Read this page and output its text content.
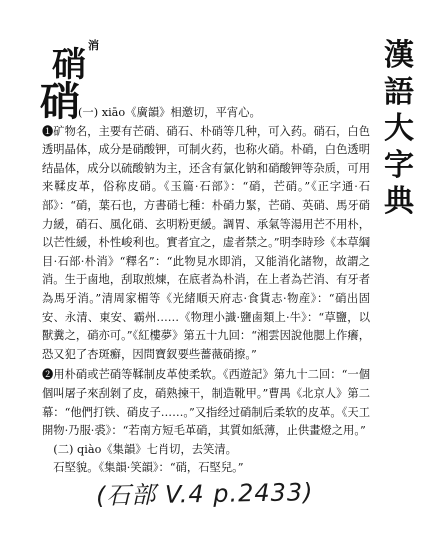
硝 $^消$
硝
漢
語
大
字
典

(一) xiāo《廣韻》相邀切，平宵心。

❶矿物名，主要有芒硝、硝石、朴硝等几种，可入药。硝石，白色透明晶体，成分是硝酸钾，可制火药，也称火硝。朴硝，白色透明结晶体，成分以硫酸钠为主，还含有氯化钠和硝酸钾等杂质，可用来鞣皮革，俗称皮硝。《玉篇·石部》：“硝，芒硝。”《正字通·石部》：“硝，葉石也，方書硝七種：朴硝力緊，芒硝、英硝、馬牙硝力緩，硝石、風化硝、玄明粉更緩。調胃、承氣等湯用芒不用朴，以芒性緩，朴性峻利也。實者宜之，虚者禁之。”明李時珍《本草綱目·石部·朴消》“釋名”：“此物見水即消，又能消化諸物，故謂之消。生于鹵地，刮取煎煉，在底者為朴消，在上者為芒消、有牙者為馬牙消。”清周家楣等《光緒順天府志·食貨志·物産》：“硝出固安、永清、東安、霸州……《物理小識·鹽鹵類上·牛》：“草鹽，以獸糞之，硝亦可。”《紅樓夢》第五十九回：“湘雲因說他腮上作癢，恐又犯了杏斑癬，因問寶釵要些薔薇硝擦。”

❷用朴硝或芒硝等鞣制皮革使柔软。《西遊記》第九十二回：“一個個叫屠子來刮剝了皮，硝熟揀干，制造靴甲。”曹禺《北京人》第二幕：“他們打铁、硝皮子……。”又指经过硝制后柔软的皮革。《天工開物·乃服·裘》：“若南方短毛革硝，其質如紙薄，止供畫燈之用。”

(二) qiào《集韻》七肖切，去笑清。

石堅貌。《集韻·笑韻》：“硝，石堅兒。”

(石部 V.4 p.2433)
